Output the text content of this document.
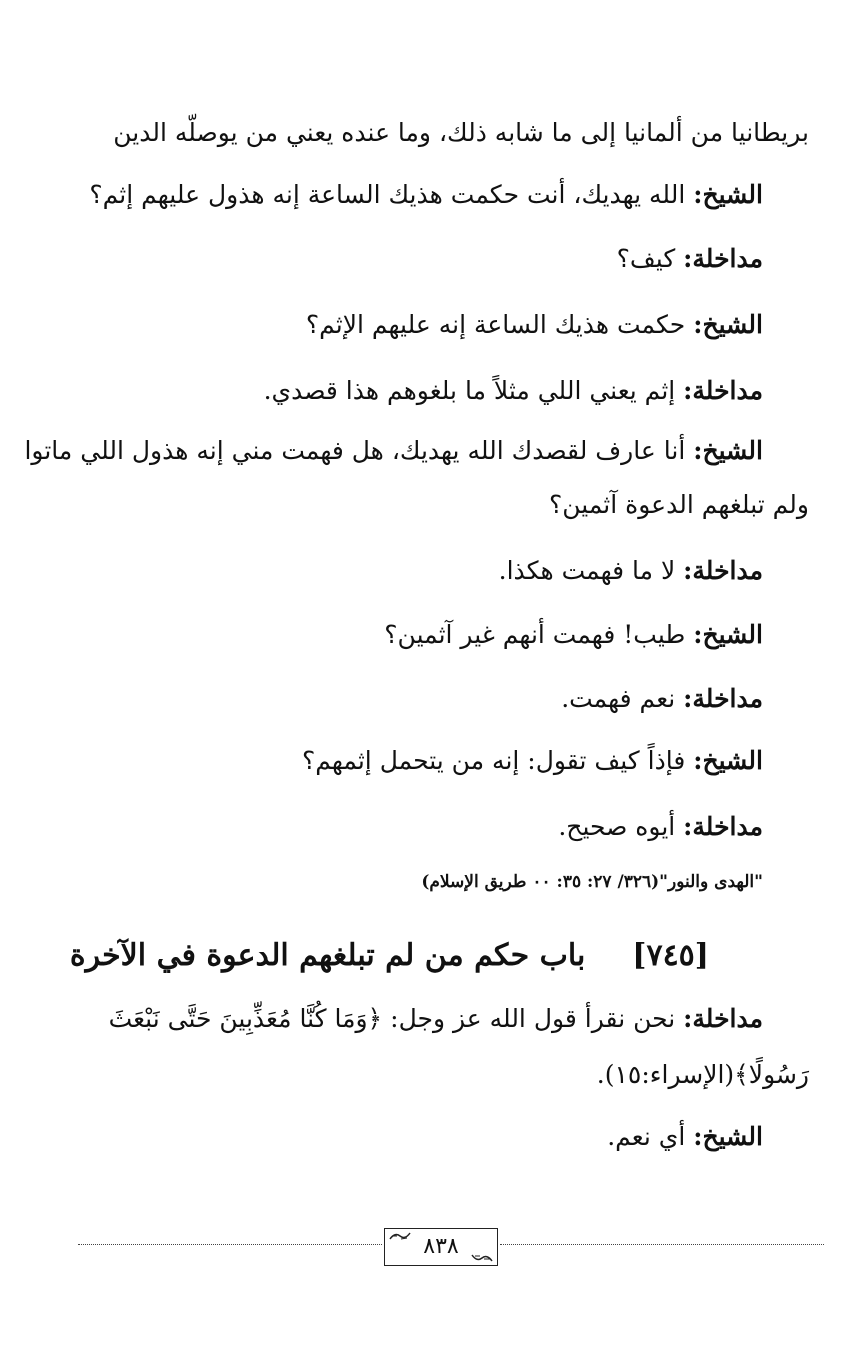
بريطانيا من ألمانيا إلى ما شابه ذلك، وما عنده يعني من يوصلّه الدين
الشيخ: الله يهديك، أنت حكمت هذيك الساعة إنه هذول عليهم إثم؟
مداخلة: كيف؟
الشيخ: حكمت هذيك الساعة إنه عليهم الإثم؟
مداخلة: إثم يعني اللي مثلاً ما بلغوهم هذا قصدي.
الشيخ: أنا عارف لقصدك الله يهديك، هل فهمت مني إنه هذول اللي ماتوا
ولم تبلغهم الدعوة آثمين؟
مداخلة: لا ما فهمت هكذا.
الشيخ: طيب! فهمت أنهم غير آثمين؟
مداخلة: نعم فهمت.
الشيخ: فإذاً كيف تقول: إنه من يتحمل إثمهم؟
مداخلة: أيوه صحيح.
"الهدى والنور"(٣٢٦/ ٢٧: ٣٥: ٠٠ طريق الإسلام)
[٧٤٥]  باب حكم من لم تبلغهم الدعوة في الآخرة
مداخلة: نحن نقرأ قول الله عز وجل: ﴿وَمَا كُنَّا مُعَذِّبِينَ حَتَّى نَبْعَثَ
رَسُولًا﴾(الإسراء:١٥).
الشيخ: أي نعم.
٨٣٨
